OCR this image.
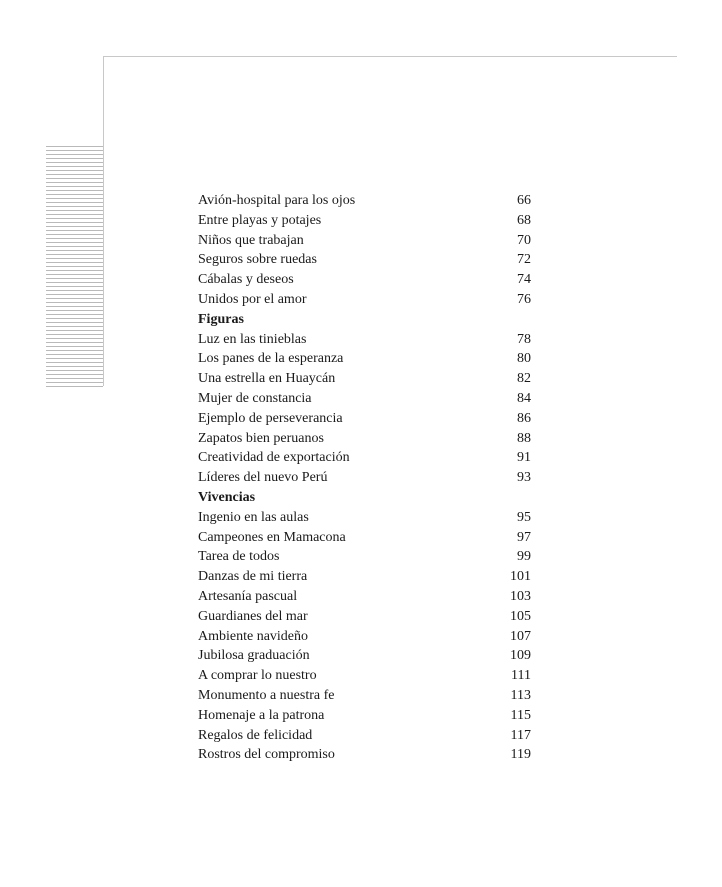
Avión-hospital para los ojos	66
Entre playas y potajes	68
Niños que trabajan	70
Seguros sobre ruedas	72
Cábalas y deseos	74
Unidos por el amor	76
Figuras
Luz en las tinieblas	78
Los panes de la esperanza	80
Una estrella en Huaycán	82
Mujer de constancia	84
Ejemplo de perseverancia	86
Zapatos bien peruanos	88
Creatividad de exportación	91
Líderes del nuevo Perú	93
Vivencias
Ingenio en las aulas	95
Campeones en Mamacona	97
Tarea de todos	99
Danzas de mi tierra	101
Artesanía pascual	103
Guardianes del mar	105
Ambiente navideño	107
Jubilosa graduación	109
A comprar lo nuestro	111
Monumento a nuestra fe	113
Homenaje a la patrona	115
Regalos de felicidad	117
Rostros del compromiso	119
